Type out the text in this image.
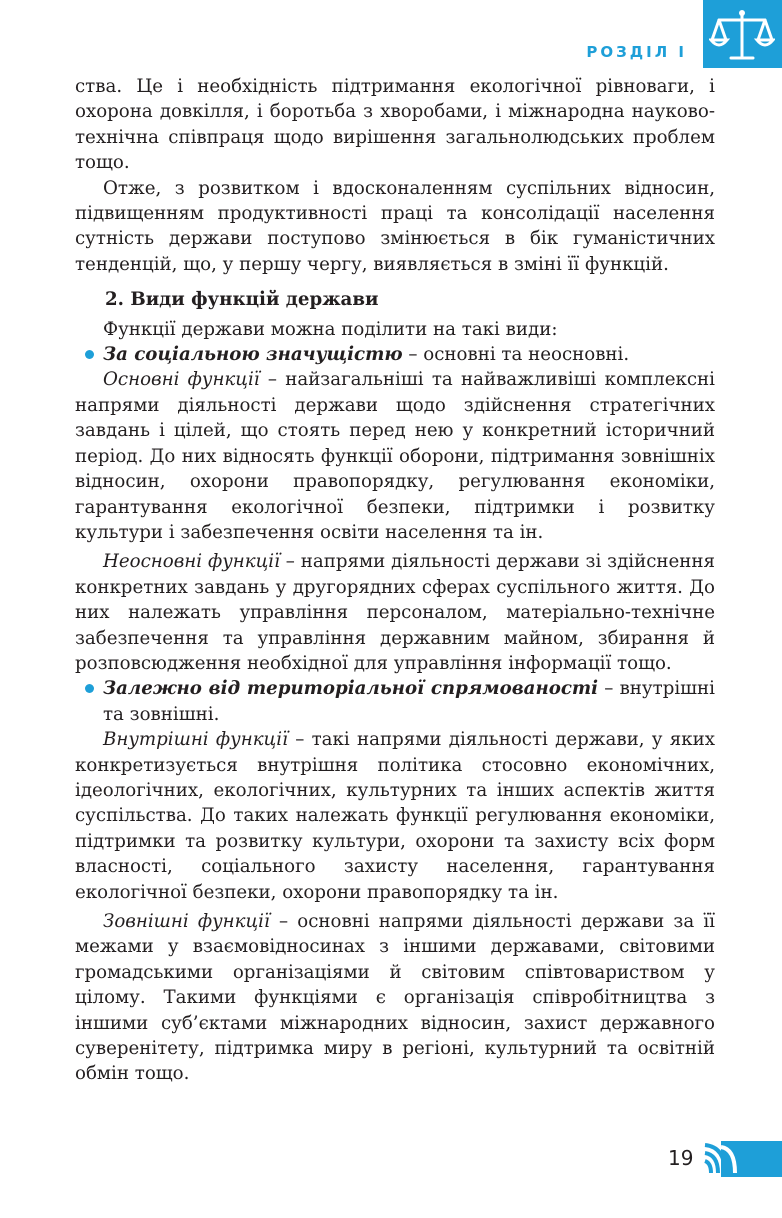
РОЗДІЛ І

ства. Це і необхідність підтримання екологічної рівноваги, і охорона довкілля, і боротьба з хворобами, і міжнародна науково-технічна співпраця щодо вирішення загальнолюдських проблем тощо.

Отже, з розвитком і вдосконаленням суспільних відносин, підвищенням продуктивності праці та консолідації населення сутність держави поступово змінюється в бік гуманістичних тенденцій, що, у першу чергу, виявляється в зміні її функцій.

2. Види функцій держави

Функції держави можна поділити на такі види:

За соціальною значущістю – основні та неосновні.

Основні функції – найзагальніші та найважливіші комплексні напрями діяльності держави щодо здійснення стратегічних завдань і цілей, що стоять перед нею у конкретний історичний період. До них відносять функції оборони, підтримання зовнішніх відносин, охорони правопорядку, регулювання економіки, гарантування екологічної безпеки, підтримки і розвитку культури і забезпечення освіти населення та ін.

Неосновні функції – напрями діяльності держави зі здійснення конкретних завдань у другорядних сферах суспільного життя. До них належать управління персоналом, матеріально-технічне забезпечення та управління державним майном, збирання й розповсюдження необхідної для управління інформації тощо.

Залежно від територіальної спрямованості – внутрішні та зовнішні.

Внутрішні функції – такі напрями діяльності держави, у яких конкретизується внутрішня політика стосовно економічних, ідеологічних, екологічних, культурних та інших аспектів життя суспільства. До таких належать функції регулювання економіки, підтримки та розвитку культури, охорони та захисту всіх форм власності, соціального захисту населення, гарантування екологічної безпеки, охорони правопорядку та ін.

Зовнішні функції – основні напрями діяльності держави за її межами у взаємовідносинах з іншими державами, світовими громадськими організаціями й світовим співтовариством у цілому. Такими функціями є організація співробітництва з іншими суб’єктами міжнародних відносин, захист державного суверенітету, підтримка миру в регіоні, культурний та освітній обмін тощо.

19
